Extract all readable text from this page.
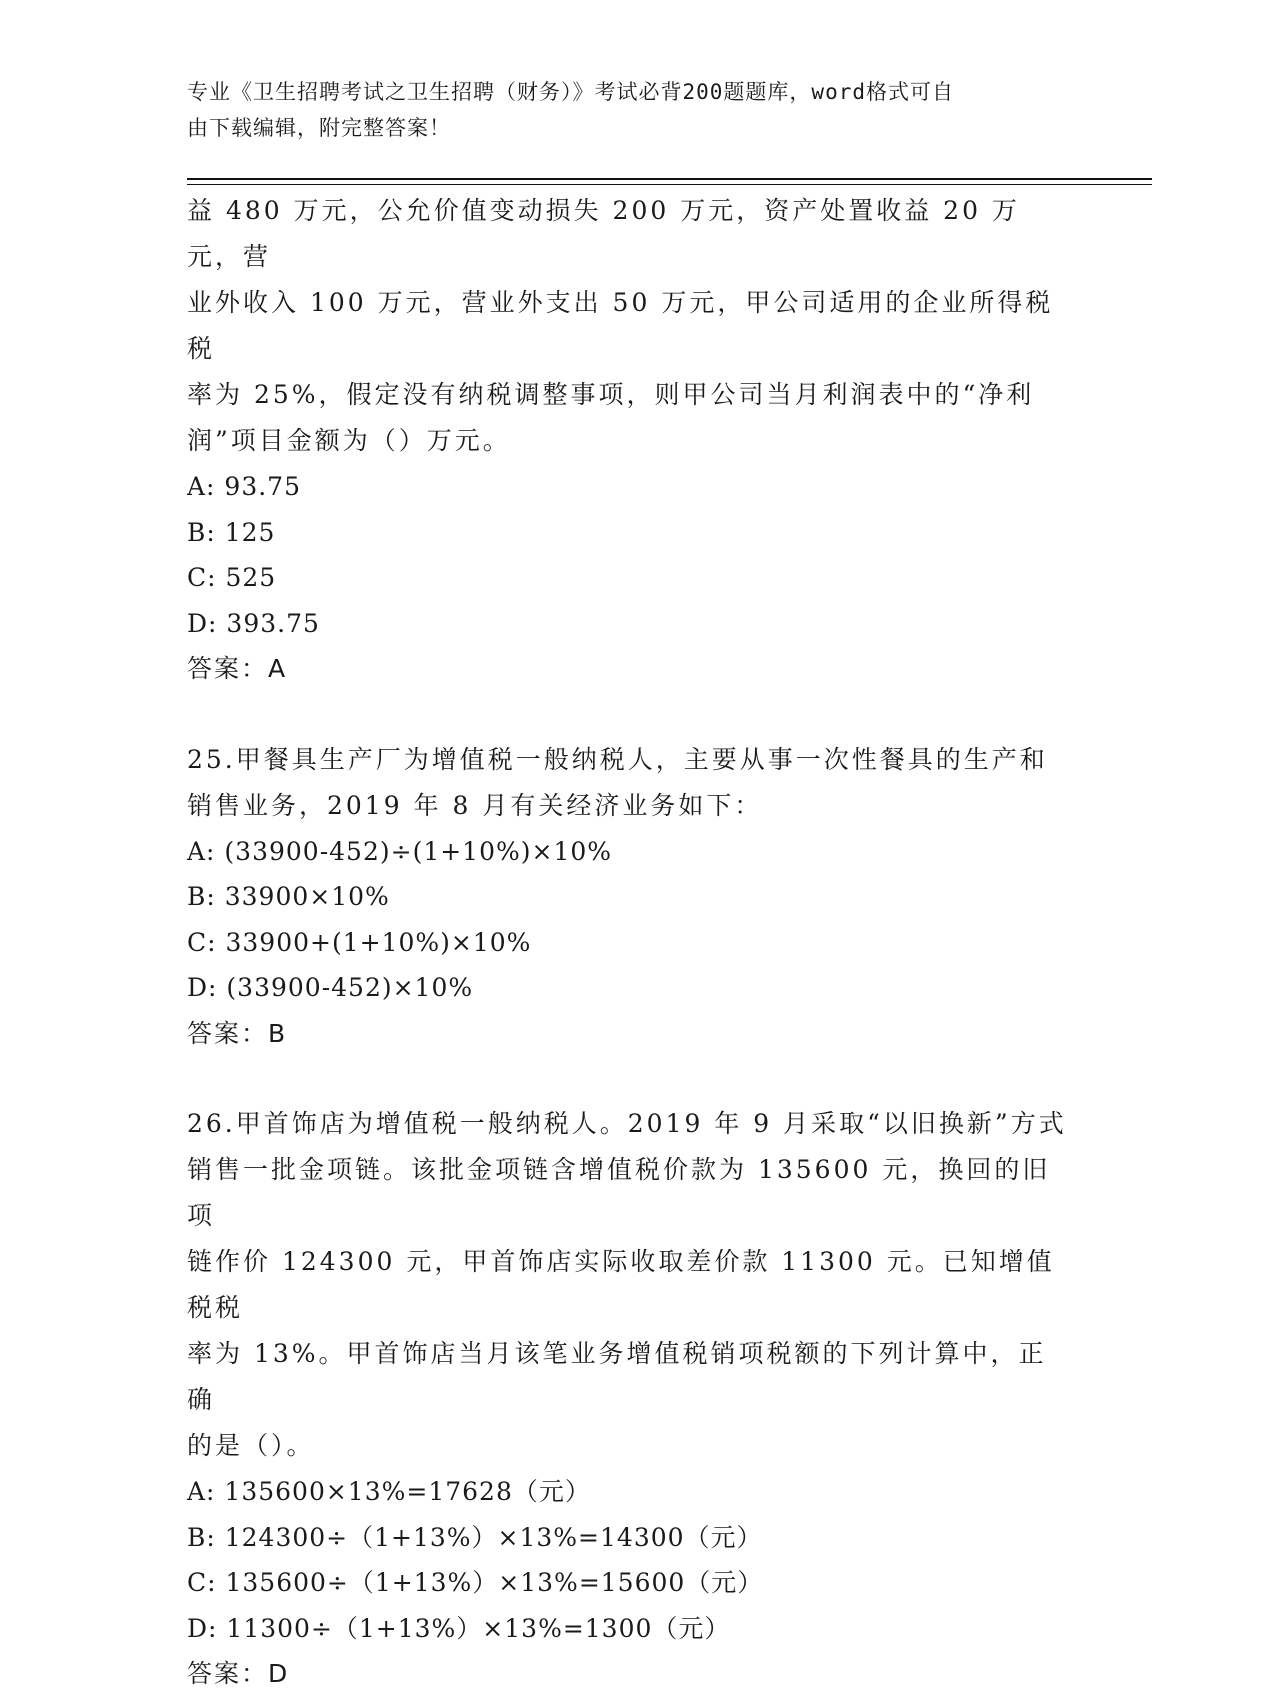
专业《卫生招聘考试之卫生招聘（财务）》考试必背200题题库，word格式可自
由下载编辑，附完整答案！

益 480 万元，公允价值变动损失 200 万元，资产处置收益 20 万元，营

业外收入 100 万元，营业外支出 50 万元，甲公司适用的企业所得税税

率为 25%，假定没有纳税调整事项，则甲公司当月利润表中的“净利

润”项目金额为（）万元。

A: 93.75

B: 125

C: 525

D: 393.75

答案：A

25.甲餐具生产厂为增值税一般纳税人，主要从事一次性餐具的生产和

销售业务，2019 年 8 月有关经济业务如下：

A: (33900-452)÷(1+10%)×10%

B: 33900×10%

C: 33900+(1+10%)×10%

D: (33900-452)×10%

答案：B

26.甲首饰店为增值税一般纳税人。2019 年 9 月采取“以旧换新”方式

销售一批金项链。该批金项链含增值税价款为 135600 元，换回的旧项

链作价 124300 元，甲首饰店实际收取差价款 11300 元。已知增值税税

率为 13%。甲首饰店当月该笔业务增值税销项税额的下列计算中，正确

的是（）。

A: 135600×13%=17628（元）

B: 124300÷（1+13%）×13%=14300（元）

C: 135600÷（1+13%）×13%=15600（元）

D: 11300÷（1+13%）×13%=1300（元）

答案：D
